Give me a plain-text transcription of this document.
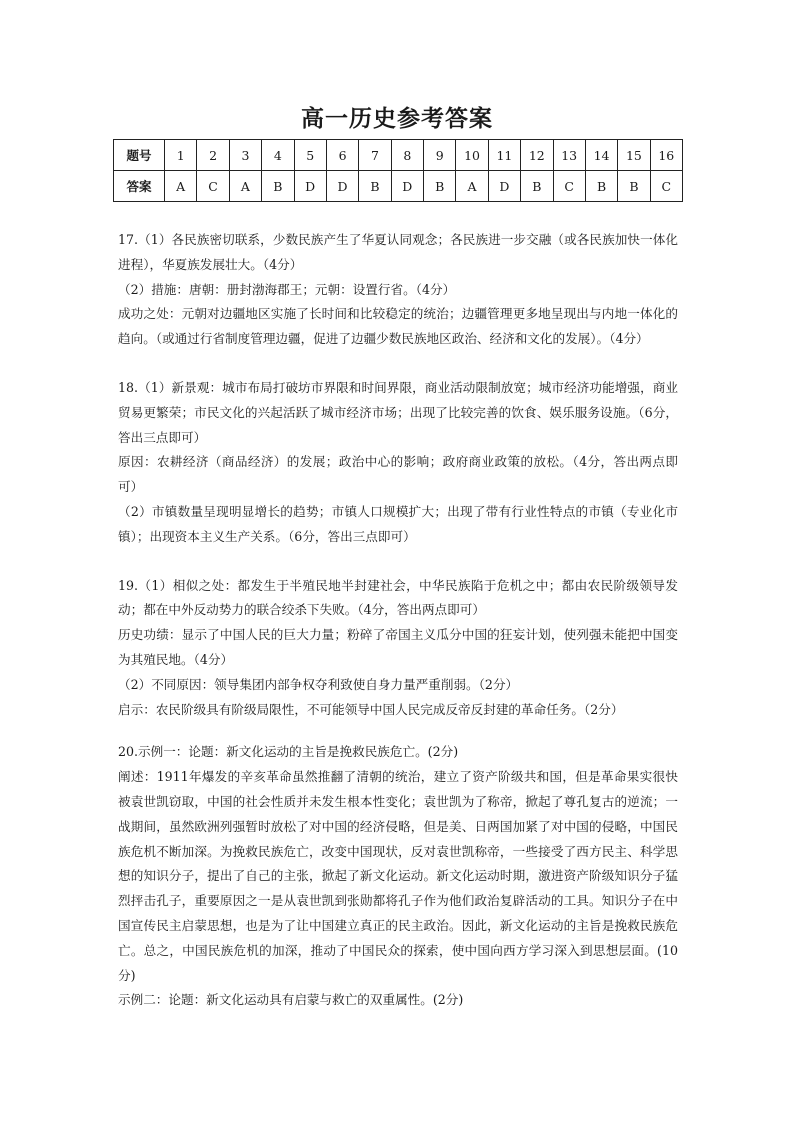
高一历史参考答案
题号	1	2	3	4	5	6	7	8	9	10	11	12	13	14	15	16
答案	A	C	A	B	D	D	B	D	B	A	D	B	C	B	B	C

17.（1）各民族密切联系，少数民族产生了华夏认同观念；各民族进一步交融（或各民族加快一体化进程），华夏族发展壮大。（4分）

（2）措施：唐朝：册封渤海郡王；元朝：设置行省。（4分）

成功之处：元朝对边疆地区实施了长时间和比较稳定的统治；边疆管理更多地呈现出与内地一体化的趋向。（或通过行省制度管理边疆，促进了边疆少数民族地区政治、经济和文化的发展）。（4分）

18.（1）新景观：城市布局打破坊市界限和时间界限，商业活动限制放宽；城市经济功能增强，商业贸易更繁荣；市民文化的兴起活跃了城市经济市场；出现了比较完善的饮食、娱乐服务设施。（6分，答出三点即可）

原因：农耕经济（商品经济）的发展；政治中心的影响；政府商业政策的放松。（4分，答出两点即可）

（2）市镇数量呈现明显增长的趋势；市镇人口规模扩大；出现了带有行业性特点的市镇（专业化市镇）；出现资本主义生产关系。（6分，答出三点即可）

19.（1）相似之处：都发生于半殖民地半封建社会，中华民族陷于危机之中；都由农民阶级领导发动；都在中外反动势力的联合绞杀下失败。（4分，答出两点即可）

历史功绩：显示了中国人民的巨大力量；粉碎了帝国主义瓜分中国的狂妄计划，使列强未能把中国变为其殖民地。（4分）

（2）不同原因：领导集团内部争权夺利致使自身力量严重削弱。（2分）

启示：农民阶级具有阶级局限性，不可能领导中国人民完成反帝反封建的革命任务。（2分）

20.示例一：论题：新文化运动的主旨是挽救民族危亡。(2分)

阐述：1911年爆发的辛亥革命虽然推翻了清朝的统治，建立了资产阶级共和国，但是革命果实很快被袁世凯窃取，中国的社会性质并未发生根本性变化；袁世凯为了称帝，掀起了尊孔复古的逆流；一战期间，虽然欧洲列强暂时放松了对中国的经济侵略，但是美、日两国加紧了对中国的侵略，中国民族危机不断加深。为挽救民族危亡，改变中国现状，反对袁世凯称帝，一些接受了西方民主、科学思想的知识分子，提出了自己的主张，掀起了新文化运动。新文化运动时期，激进资产阶级知识分子猛烈抨击孔子，重要原因之一是从袁世凯到张勋都将孔子作为他们政治复辟活动的工具。知识分子在中国宣传民主启蒙思想，也是为了让中国建立真正的民主政治。因此，新文化运动的主旨是挽救民族危亡。总之，中国民族危机的加深，推动了中国民众的探索，使中国向西方学习深入到思想层面。(10分)

示例二：论题：新文化运动具有启蒙与救亡的双重属性。(2分)
